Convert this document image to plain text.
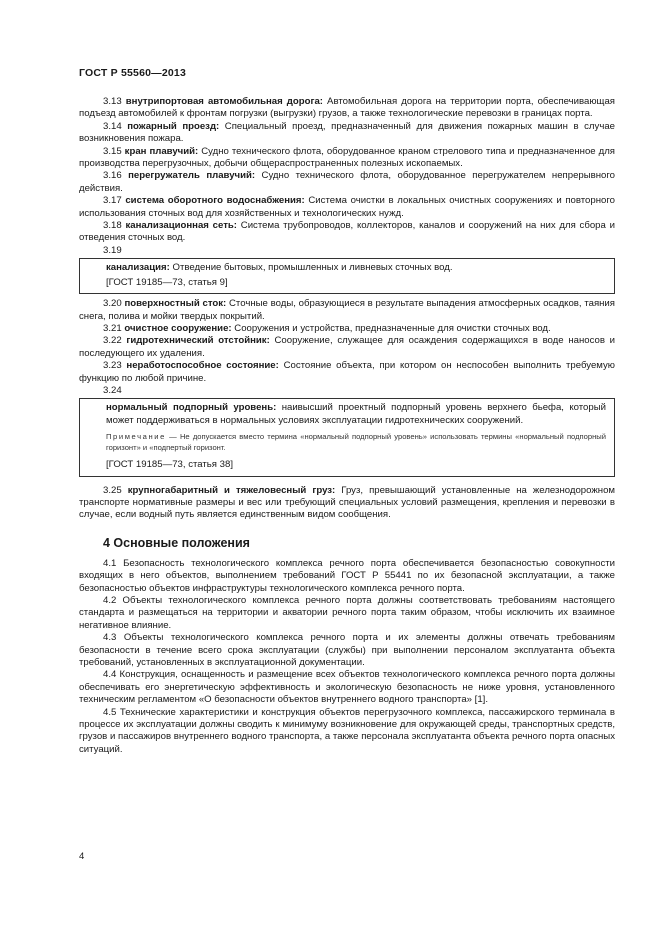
ГОСТ Р 55560—2013

3.13 внутрипортовая автомобильная дорога: Автомобильная дорога на территории порта, обеспечивающая подъезд автомобилей к фронтам погрузки (выгрузки) грузов, а также технологические перевозки в границах порта.

3.14 пожарный проезд: Специальный проезд, предназначенный для движения пожарных машин в случае возникновения пожара.

3.15 кран плавучий: Судно технического флота, оборудованное краном стрелового типа и предназначенное для производства перегрузочных, добычи общераспространенных полезных ископаемых.

3.16 перегружатель плавучий: Судно технического флота, оборудованное перегружателем непрерывного действия.

3.17 система оборотного водоснабжения: Система очистки в локальных очистных сооружениях и повторного использования сточных вод для хозяйственных и технологических нужд.

3.18 канализационная сеть: Система трубопроводов, коллекторов, каналов и сооружений на них для сбора и отведения сточных вод.

3.19

канализация: Отведение бытовых, промышленных и ливневых сточных вод.

[ГОСТ 19185—73, статья 9]

3.20 поверхностный сток: Сточные воды, образующиеся в результате выпадения атмосферных осадков, таяния снега, полива и мойки твердых покрытий.

3.21 очистное сооружение: Сооружения и устройства, предназначенные для очистки сточных вод.

3.22 гидротехнический отстойник: Сооружение, служащее для осаждения содержащихся в воде наносов и последующего их удаления.

3.23 неработоспособное состояние: Состояние объекта, при котором он неспособен выполнить требуемую функцию по любой причине.

3.24

нормальный подпорный уровень: наивысший проектный подпорный уровень верхнего бьефа, который может поддерживаться в нормальных условиях эксплуатации гидротехнических сооружений.

Примечание — Не допускается вместо термина «нормальный подпорный уровень» использовать термины «нормальный подпорный горизонт» и «подпертый горизонт.

[ГОСТ 19185—73, статья 38]

3.25 крупногабаритный и тяжеловесный груз: Груз, превышающий установленные на железнодорожном транспорте нормативные размеры и вес или требующий специальных условий размещения, крепления и перевозки в случае, если водный путь является единственным видом сообщения.

4 Основные положения

4.1 Безопасность технологического комплекса речного порта обеспечивается безопасностью совокупности входящих в него объектов, выполнением требований ГОСТ Р 55441 по их безопасной эксплуатации, а также безопасностью объектов инфраструктуры технологического комплекса речного порта.

4.2 Объекты технологического комплекса речного порта должны соответствовать требованиям настоящего стандарта и размещаться на территории и акватории речного порта таким образом, чтобы исключить их взаимное негативное влияние.

4.3 Объекты технологического комплекса речного порта и их элементы должны отвечать требованиям безопасности в течение всего срока эксплуатации (службы) при выполнении персоналом эксплуатанта объекта требований, установленных в эксплуатационной документации.

4.4 Конструкция, оснащенность и размещение всех объектов технологического комплекса речного порта должны обеспечивать его энергетическую эффективность и экологическую безопасность не ниже уровня, установленного техническим регламентом «О безопасности объектов внутреннего водного транспорта» [1].

4.5 Технические характеристики и конструкция объектов перегрузочного комплекса, пассажирского терминала в процессе их эксплуатации должны сводить к минимуму возникновение для окружающей среды, транспортных средств, грузов и пассажиров внутреннего водного транспорта, а также персонала эксплуатанта объекта речного порта опасных ситуаций.

4
